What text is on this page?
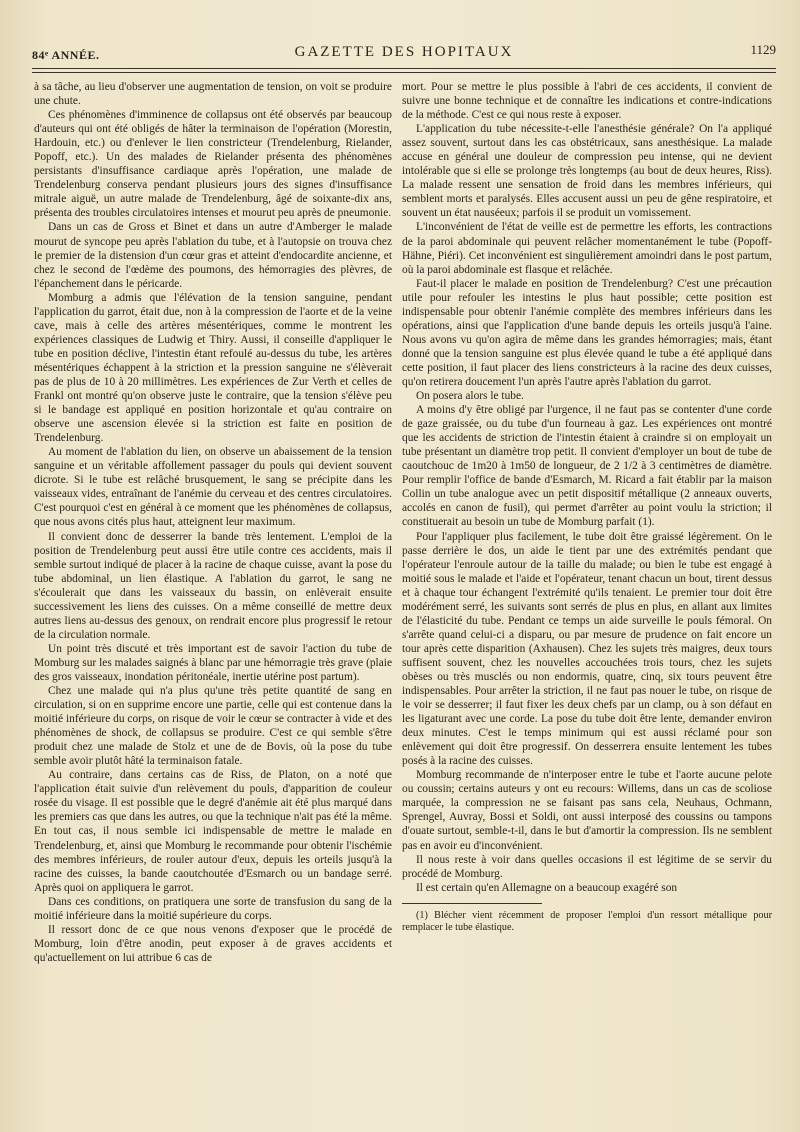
84ᵉ ANNÉE.	GAZETTE DES HOPITAUX	1129

à sa tâche, au lieu d'observer une augmentation de tension, on voit se produire une chute.

Ces phénomènes d'imminence de collapsus ont été observés par beaucoup d'auteurs qui ont été obligés de hâter la terminaison de l'opération (Morestin, Hardouin, etc.) ou d'enlever le lien constricteur (Trendelenburg, Rielander, Popoff, etc.). Un des malades de Rielander présenta des phénomènes persistants d'insuffisance cardiaque après l'opération, une malade de Trendelenburg conserva pendant plusieurs jours des signes d'insuffisance mitrale aiguë, un autre malade de Trendelenburg, âgé de soixante-dix ans, présenta des troubles circulatoires intenses et mourut peu après de pneumonie.

Dans un cas de Gross et Binet et dans un autre d'Amberger le malade mourut de syncope peu après l'ablation du tube, et à l'autopsie on trouva chez le premier de la distension d'un cœur gras et atteint d'endocardite ancienne, et chez le second de l'œdème des poumons, des hémorragies des plèvres, de l'épanchement dans le péricarde.

Momburg a admis que l'élévation de la tension sanguine, pendant l'application du garrot, était due, non à la compression de l'aorte et de la veine cave, mais à celle des artères mésentériques, comme le montrent les expériences classiques de Ludwig et Thiry. Aussi, il conseille d'appliquer le tube en position déclive, l'intestin étant refoulé au-dessus du tube, les artères mésentériques échappent à la striction et la pression sanguine ne s'élèverait pas de plus de 10 à 20 millimètres. Les expériences de Zur Verth et celles de Frankl ont montré qu'on observe juste le contraire, que la tension s'élève peu si le bandage est appliqué en position horizontale et qu'au contraire on observe une ascension élevée si la striction est faite en position de Trendelenburg.

Au moment de l'ablation du lien, on observe un abaissement de la tension sanguine et un véritable affollement passager du pouls qui devient souvent dicrote. Si le tube est relâché brusquement, le sang se précipite dans les vaisseaux vides, entraînant de l'anémie du cerveau et des centres circulatoires. C'est pourquoi c'est en général à ce moment que les phénomènes de collapsus, que nous avons cités plus haut, atteignent leur maximum.

Il convient donc de desserrer la bande très lentement. L'emploi de la position de Trendelenburg peut aussi être utile contre ces accidents, mais il semble surtout indiqué de placer à la racine de chaque cuisse, avant la pose du tube abdominal, un lien élastique. A l'ablation du garrot, le sang ne s'écoulerait que dans les vaisseaux du bassin, on enlèverait ensuite successivement les liens des cuisses. On a même conseillé de mettre deux autres liens au-dessus des genoux, on rendrait encore plus progressif le retour de la circulation normale.

Un point très discuté et très important est de savoir l'action du tube de Momburg sur les malades saignés à blanc par une hémorragie très grave (plaie des gros vaisseaux, inondation péritonéale, inertie utérine post partum).

Chez une malade qui n'a plus qu'une très petite quantité de sang en circulation, si on en supprime encore une partie, celle qui est contenue dans la moitié inférieure du corps, on risque de voir le cœur se contracter à vide et des phénomènes de shock, de collapsus se produire. C'est ce qui semble s'être produit chez une malade de Stolz et une de de Bovis, où la pose du tube semble avoir plutôt hâté la terminaison fatale.

Au contraire, dans certains cas de Riss, de Platon, on a noté que l'application était suivie d'un relèvement du pouls, d'apparition de couleur rosée du visage. Il est possible que le degré d'anémie ait été plus marqué dans les premiers cas que dans les autres, ou que la technique n'ait pas été la même. En tout cas, il nous semble ici indispensable de mettre le malade en Trendelenburg, et, ainsi que Momburg le recommande pour obtenir l'ischémie des membres inférieurs, de rouler autour d'eux, depuis les orteils jusqu'à la racine des cuisses, la bande caoutchoutée d'Esmarch ou un bandage serré. Après quoi on appliquera le garrot.

Dans ces conditions, on pratiquera une sorte de transfusion du sang de la moitié inférieure dans la moitié supérieure du corps.

Il ressort donc de ce que nous venons d'exposer que le procédé de Momburg, loin d'être anodin, peut exposer à de graves accidents et qu'actuellement on lui attribue 6 cas de

mort. Pour se mettre le plus possible à l'abri de ces accidents, il convient de suivre une bonne technique et de connaître les indications et contre-indications de la méthode. C'est ce qui nous reste à exposer.

L'application du tube nécessite-t-elle l'anesthésie générale? On l'a appliqué assez souvent, surtout dans les cas obstétricaux, sans anesthésique. La malade accuse en général une douleur de compression peu intense, qui ne devient intolérable que si elle se prolonge très longtemps (au bout de deux heures, Riss). La malade ressent une sensation de froid dans les membres inférieurs, qui semblent morts et paralysés. Elles accusent aussi un peu de gêne respiratoire, et souvent un état nauséeux; parfois il se produit un vomissement.

L'inconvénient de l'état de veille est de permettre les efforts, les contractions de la paroi abdominale qui peuvent relâcher momentanément le tube (Popoff-Hähne, Piéri). Cet inconvénient est singulièrement amoindri dans le post partum, où la paroi abdominale est flasque et relâchée.

Faut-il placer le malade en position de Trendelenburg? C'est une précaution utile pour refouler les intestins le plus haut possible; cette position est indispensable pour obtenir l'anémie complète des membres inférieurs dans les opérations, ainsi que l'application d'une bande depuis les orteils jusqu'à l'aine. Nous avons vu qu'on agira de même dans les grandes hémorragies; mais, étant donné que la tension sanguine est plus élevée quand le tube a été appliqué dans cette position, il faut placer des liens constricteurs à la racine des deux cuisses, qu'on retirera doucement l'un après l'autre après l'ablation du garrot.

On posera alors le tube.

A moins d'y être obligé par l'urgence, il ne faut pas se contenter d'une corde de gaze graissée, ou du tube d'un fourneau à gaz. Les expériences ont montré que les accidents de striction de l'intestin étaient à craindre si on employait un tube présentant un diamètre trop petit. Il convient d'employer un bout de tube de caoutchouc de 1m20 à 1m50 de longueur, de 2 1/2 à 3 centimètres de diamètre. Pour remplir l'office de bande d'Esmarch, M. Ricard a fait établir par la maison Collin un tube analogue avec un petit dispositif métallique (2 anneaux ouverts, accolés en canon de fusil), qui permet d'arrêter au point voulu la striction; il constituerait au besoin un tube de Momburg parfait (1).

Pour l'appliquer plus facilement, le tube doit être graissé légèrement. On le passe derrière le dos, un aide le tient par une des extrémités pendant que l'opérateur l'enroule autour de la taille du malade; ou bien le tube est engagé à moitié sous le malade et l'aide et l'opérateur, tenant chacun un bout, tirent dessus et à chaque tour échangent l'extrémité qu'ils tenaient. Le premier tour doit être modérément serré, les suivants sont serrés de plus en plus, en allant aux limites de l'élasticité du tube. Pendant ce temps un aide surveille le pouls fémoral. On s'arrête quand celui-ci a disparu, ou par mesure de prudence on fait encore un tour après cette disparition (Axhausen). Chez les sujets très maigres, deux tours suffisent souvent, chez les nouvelles accouchées trois tours, chez les sujets obèses ou très musclés ou non endormis, quatre, cinq, six tours peuvent être indispensables. Pour arrêter la striction, il ne faut pas nouer le tube, on risque de le voir se desserrer; il faut fixer les deux chefs par un clamp, ou à son défaut en les ligaturant avec une corde. La pose du tube doit être lente, demander environ deux minutes. C'est le temps minimum qui est aussi réclamé pour son enlèvement qui doit être progressif. On desserrera ensuite lentement les tubes posés à la racine des cuisses.

Momburg recommande de n'interposer entre le tube et l'aorte aucune pelote ou coussin; certains auteurs y ont eu recours: Willems, dans un cas de scoliose marquée, la compression ne se faisant pas sans cela, Neuhaus, Ochmann, Sprengel, Auvray, Bossi et Soldi, ont aussi interposé des coussins ou tampons d'ouate surtout, semble-t-il, dans le but d'amortir la compression. Ils ne semblent pas en avoir eu d'inconvénient.

Il nous reste à voir dans quelles occasions il est légitime de se servir du procédé de Momburg.

Il est certain qu'en Allemagne on a beaucoup exagéré son

(1) Blécher vient récemment de proposer l'emploi d'un ressort métallique pour remplacer le tube élastique.
